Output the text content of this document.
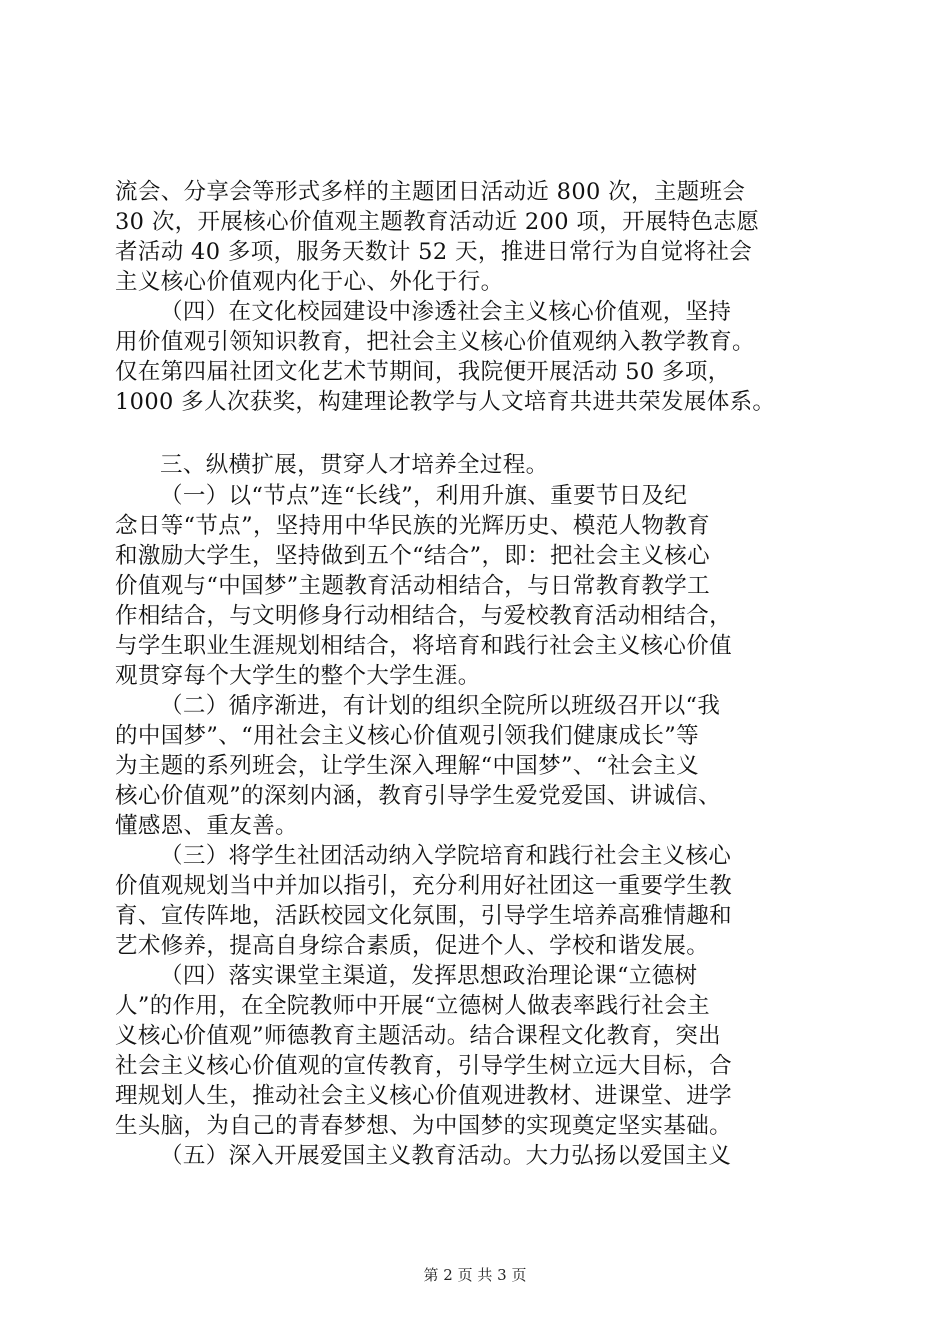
流会、分享会等形式多样的主题团日活动近 800 次，主题班会
30 次，开展核心价值观主题教育活动近 200 项，开展特色志愿
者活动 40 多项，服务天数计 52 天，推进日常行为自觉将社会
主义核心价值观内化于心、外化于行。
（四）在文化校园建设中渗透社会主义核心价值观，坚持
用价值观引领知识教育，把社会主义核心价值观纳入教学教育。
仅在第四届社团文化艺术节期间，我院便开展活动 50 多项，
1000 多人次获奖，构建理论教学与人文培育共进共荣发展体系。
三、纵横扩展，贯穿人才培养全过程。
（一）以“节点”连“长线”，利用升旗、重要节日及纪
念日等“节点”，坚持用中华民族的光辉历史、模范人物教育
和激励大学生，坚持做到五个“结合”，即：把社会主义核心
价值观与“中国梦”主题教育活动相结合，与日常教育教学工
作相结合，与文明修身行动相结合，与爱校教育活动相结合，
与学生职业生涯规划相结合，将培育和践行社会主义核心价值
观贯穿每个大学生的整个大学生涯。
（二）循序渐进，有计划的组织全院所以班级召开以“我
的中国梦”、“用社会主义核心价值观引领我们健康成长”等
为主题的系列班会，让学生深入理解“中国梦”、“社会主义
核心价值观”的深刻内涵，教育引导学生爱党爱国、讲诚信、
懂感恩、重友善。
（三）将学生社团活动纳入学院培育和践行社会主义核心
价值观规划当中并加以指引，充分利用好社团这一重要学生教
育、宣传阵地，活跃校园文化氛围，引导学生培养高雅情趣和
艺术修养，提高自身综合素质，促进个人、学校和谐发展。
（四）落实课堂主渠道，发挥思想政治理论课“立德树
人”的作用，在全院教师中开展“立德树人做表率践行社会主
义核心价值观”师德教育主题活动。结合课程文化教育，突出
社会主义核心价值观的宣传教育，引导学生树立远大目标，合
理规划人生，推动社会主义核心价值观进教材、进课堂、进学
生头脑，为自己的青春梦想、为中国梦的实现奠定坚实基础。
（五）深入开展爱国主义教育活动。大力弘扬以爱国主义
第 2 页 共 3 页
